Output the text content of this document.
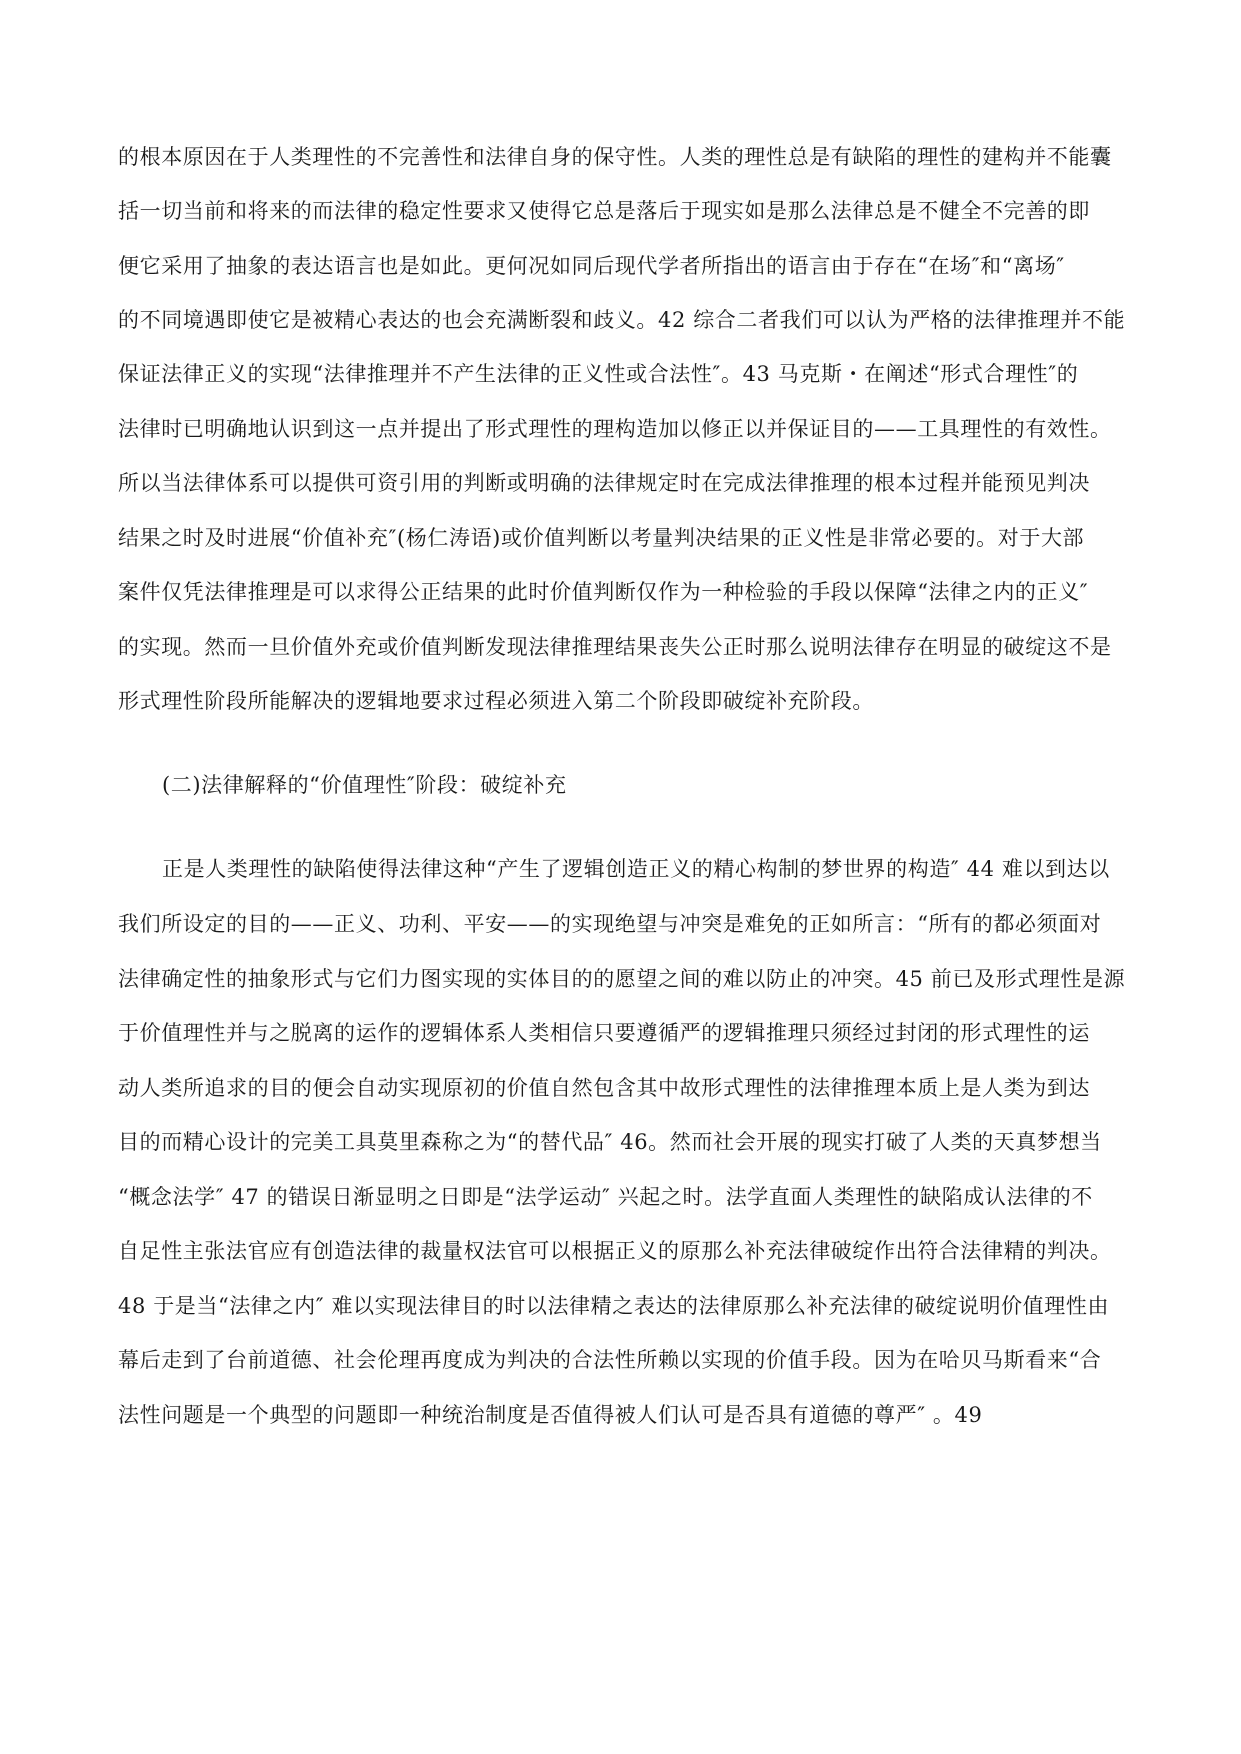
的根本原因在于人类理性的不完善性和法律自身的保守性。人类的理性总是有缺陷的理性的建构并不能囊
括一切当前和将来的而法律的稳定性要求又使得它总是落后于现实如是那么法律总是不健全不完善的即
便它采用了抽象的表达语言也是如此。更何况如同后现代学者所指出的语言由于存在“在场″和“离场″
的不同境遇即使它是被精心表达的也会充满断裂和歧义。42 综合二者我们可以认为严格的法律推理并不能
保证法律正义的实现“法律推理并不产生法律的正义性或合法性″。43 马克斯・在阐述“形式合理性″的
法律时已明确地认识到这一点并提出了形式理性的理构造加以修正以并保证目的——工具理性的有效性。
所以当法律体系可以提供可资引用的判断或明确的法律规定时在完成法律推理的根本过程并能预见判决
结果之时及时进展“价值补充″(杨仁涛语)或价值判断以考量判决结果的正义性是非常必要的。对于大部
案件仅凭法律推理是可以求得公正结果的此时价值判断仅作为一种检验的手段以保障“法律之内的正义″
的实现。然而一旦价值外充或价值判断发现法律推理结果丧失公正时那么说明法律存在明显的破绽这不是
形式理性阶段所能解决的逻辑地要求过程必须进入第二个阶段即破绽补充阶段。
(二)法律解释的“价值理性″阶段：破绽补充
正是人类理性的缺陷使得法律这种“产生了逻辑创造正义的精心构制的梦世界的构造″ 44 难以到达以
我们所设定的目的——正义、功利、平安——的实现绝望与冲突是难免的正如所言：“所有的都必须面对
法律确定性的抽象形式与它们力图实现的实体目的的愿望之间的难以防止的冲突。45 前已及形式理性是源
于价值理性并与之脱离的运作的逻辑体系人类相信只要遵循严的逻辑推理只须经过封闭的形式理性的运
动人类所追求的目的便会自动实现原初的价值自然包含其中故形式理性的法律推理本质上是人类为到达
目的而精心设计的完美工具莫里森称之为“的替代品″ 46。然而社会开展的现实打破了人类的天真梦想当
“概念法学″ 47 的错误日渐显明之日即是“法学运动″ 兴起之时。法学直面人类理性的缺陷成认法律的不
自足性主张法官应有创造法律的裁量权法官可以根据正义的原那么补充法律破绽作出符合法律精的判决。
48 于是当“法律之内″ 难以实现法律目的时以法律精之表达的法律原那么补充法律的破绽说明价值理性由
幕后走到了台前道德、社会伦理再度成为判决的合法性所赖以实现的价值手段。因为在哈贝马斯看来“合
法性问题是一个典型的问题即一种统治制度是否值得被人们认可是否具有道德的尊严″ 。49
